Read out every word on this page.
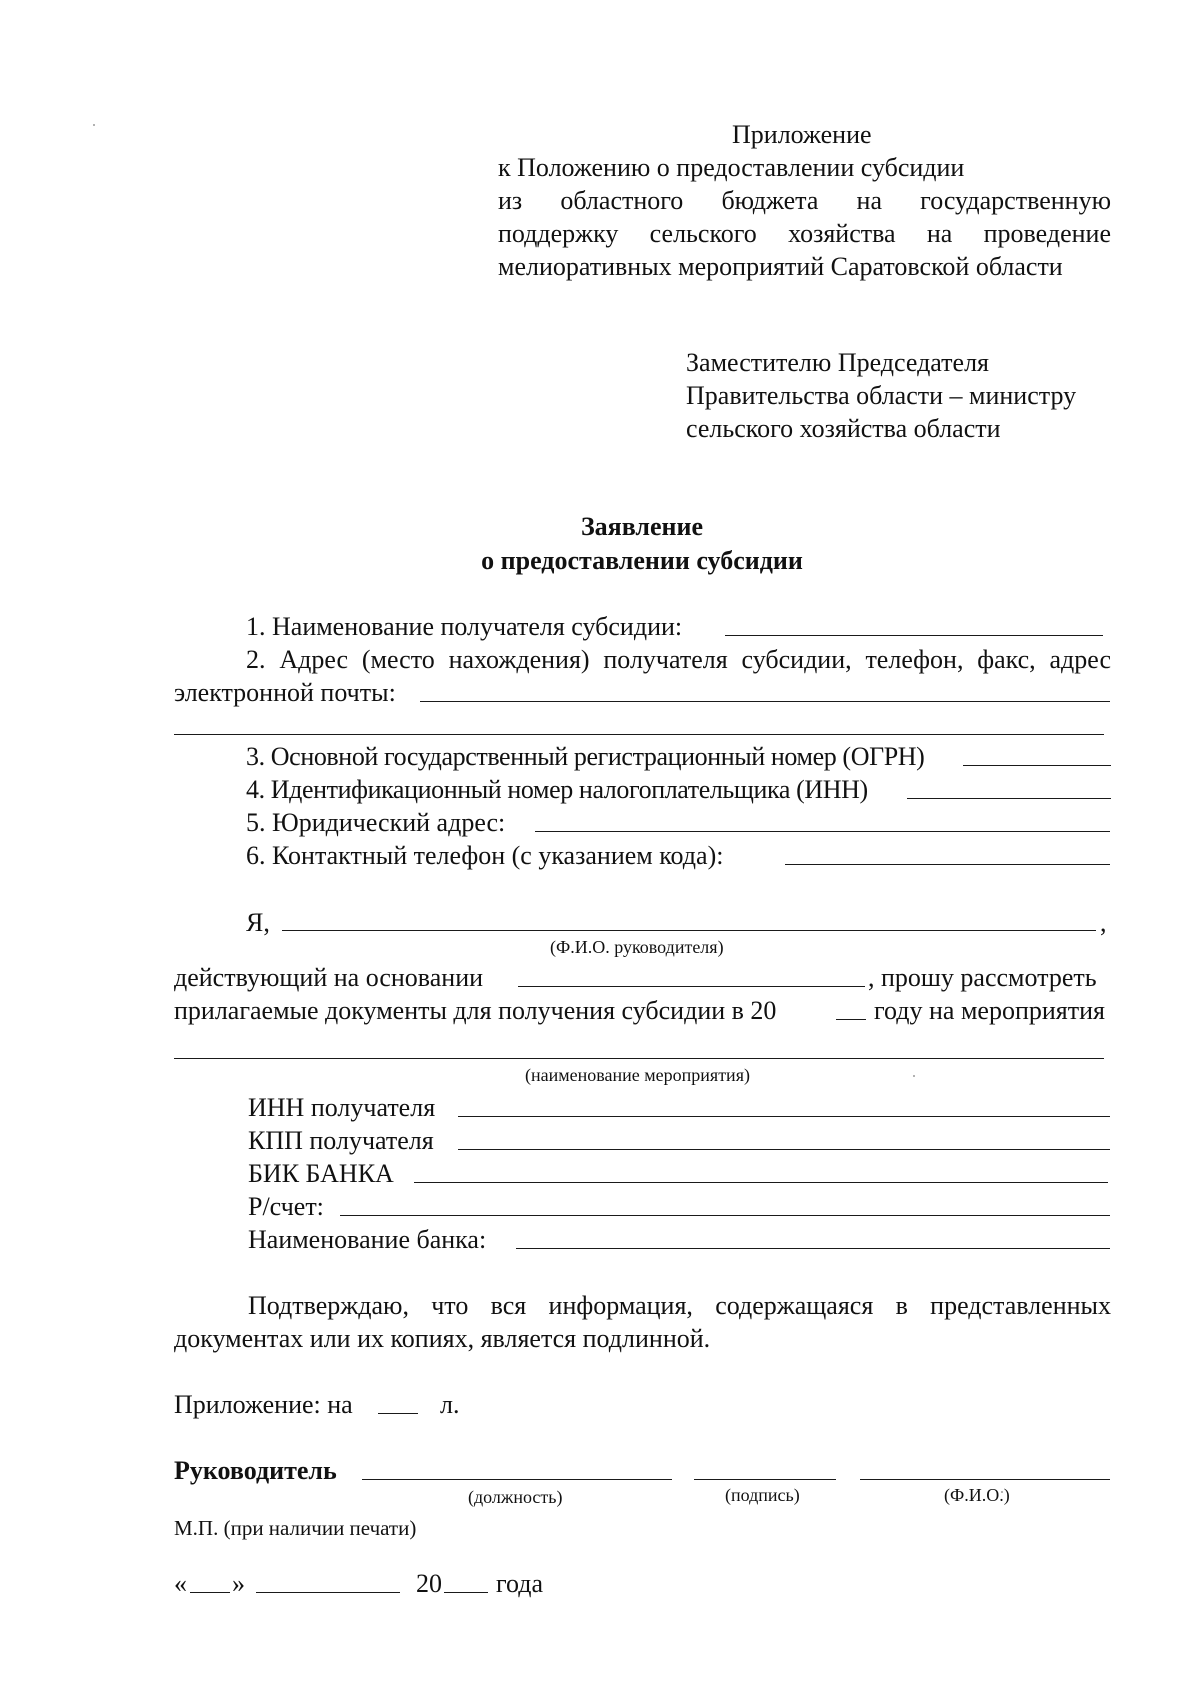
Приложение
к Положению о предоставлении субсидии
из областного бюджета на государственную
поддержку сельского хозяйства на проведение
мелиоративных мероприятий Саратовской области
Заместителю Председателя
Правительства области – министру
сельского хозяйства области
Заявление
о предоставлении субсидии
1. Наименование получателя субсидии:
2. Адрес (место нахождения) получателя субсидии, телефон, факс, адрес
электронной почты:
3. Основной государственный регистрационный номер (ОГРН)
4. Идентификационный номер налогоплательщика (ИНН)
5. Юридический адрес:
6. Контактный телефон (с указанием кода):
Я,	,
(Ф.И.О. руководителя)
действующий на основании	, прошу рассмотреть
прилагаемые документы для получения субсидии в 20	году на мероприятия
(наименование мероприятия)
ИНН получателя
КПП получателя
БИК БАНКА
Р/счет:
Наименование банка:
Подтверждаю, что вся информация, содержащаяся в представленных
документах или их копиях, является подлинной.
Приложение: на	л.
Руководитель
(должность)	(подпись)	(Ф.И.О.)
М.П. (при наличии печати)
« »	20 года
